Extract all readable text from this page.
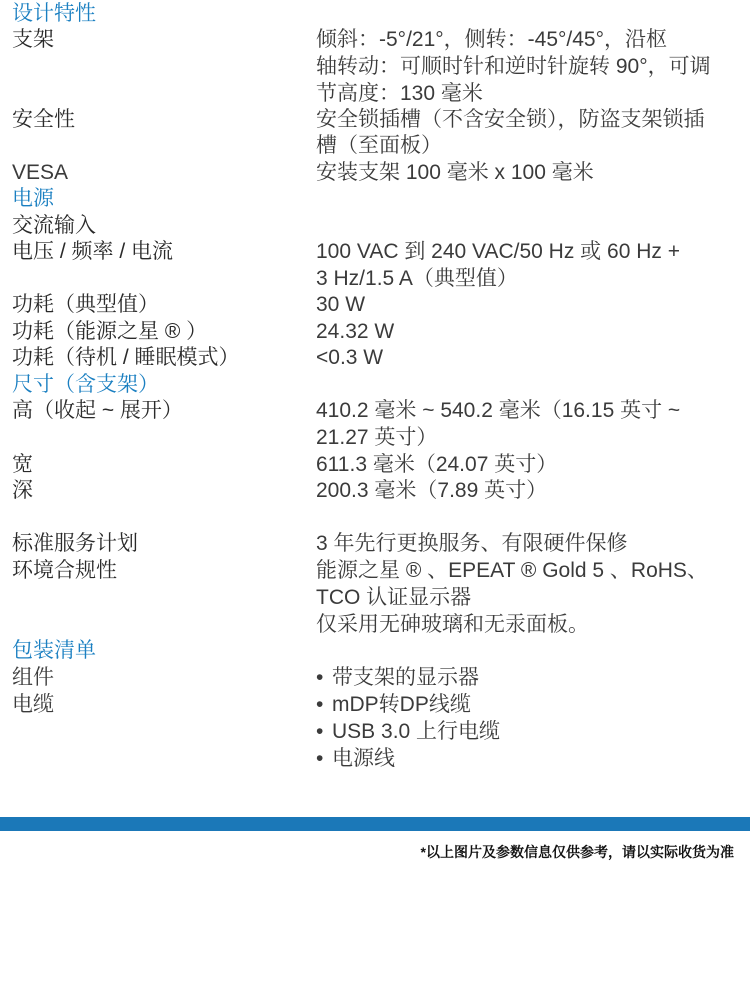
设计特性
支架	倾斜：-5°/21°，侧转：-45°/45°，沿枢
轴转动：可顺时针和逆时针旋转 90°，可调
节高度：130 毫米
安全性	安全锁插槽（不含安全锁），防盗支架锁插
槽（至面板）
VESA	安装支架 100 毫米 x 100 毫米
电源
交流输入
电压 / 频率 / 电流	100 VAC 到 240 VAC/50 Hz 或 60 Hz +
3 Hz/1.5 A（典型值）
功耗（典型值）	30 W
功耗（能源之星 ® ）	24.32 W
功耗（待机 / 睡眠模式）	<0.3 W
尺寸（含支架）
高（收起 ~ 展开）	410.2 毫米 ~ 540.2 毫米（16.15 英寸 ~
21.27 英寸）
宽	611.3 毫米（24.07 英寸）
深	200.3 毫米（7.89 英寸）
标准服务计划	3 年先行更换服务、有限硬件保修
环境合规性	能源之星 ® 、EPEAT ® Gold 5 、RoHS、
TCO 认证显示器
仅采用无砷玻璃和无汞面板。
包装清单
组件	• 带支架的显示器
电缆	• mDP转DP线缆
• USB 3.0 上行电缆
• 电源线
*以上图片及参数信息仅供参考，请以实际收货为准
